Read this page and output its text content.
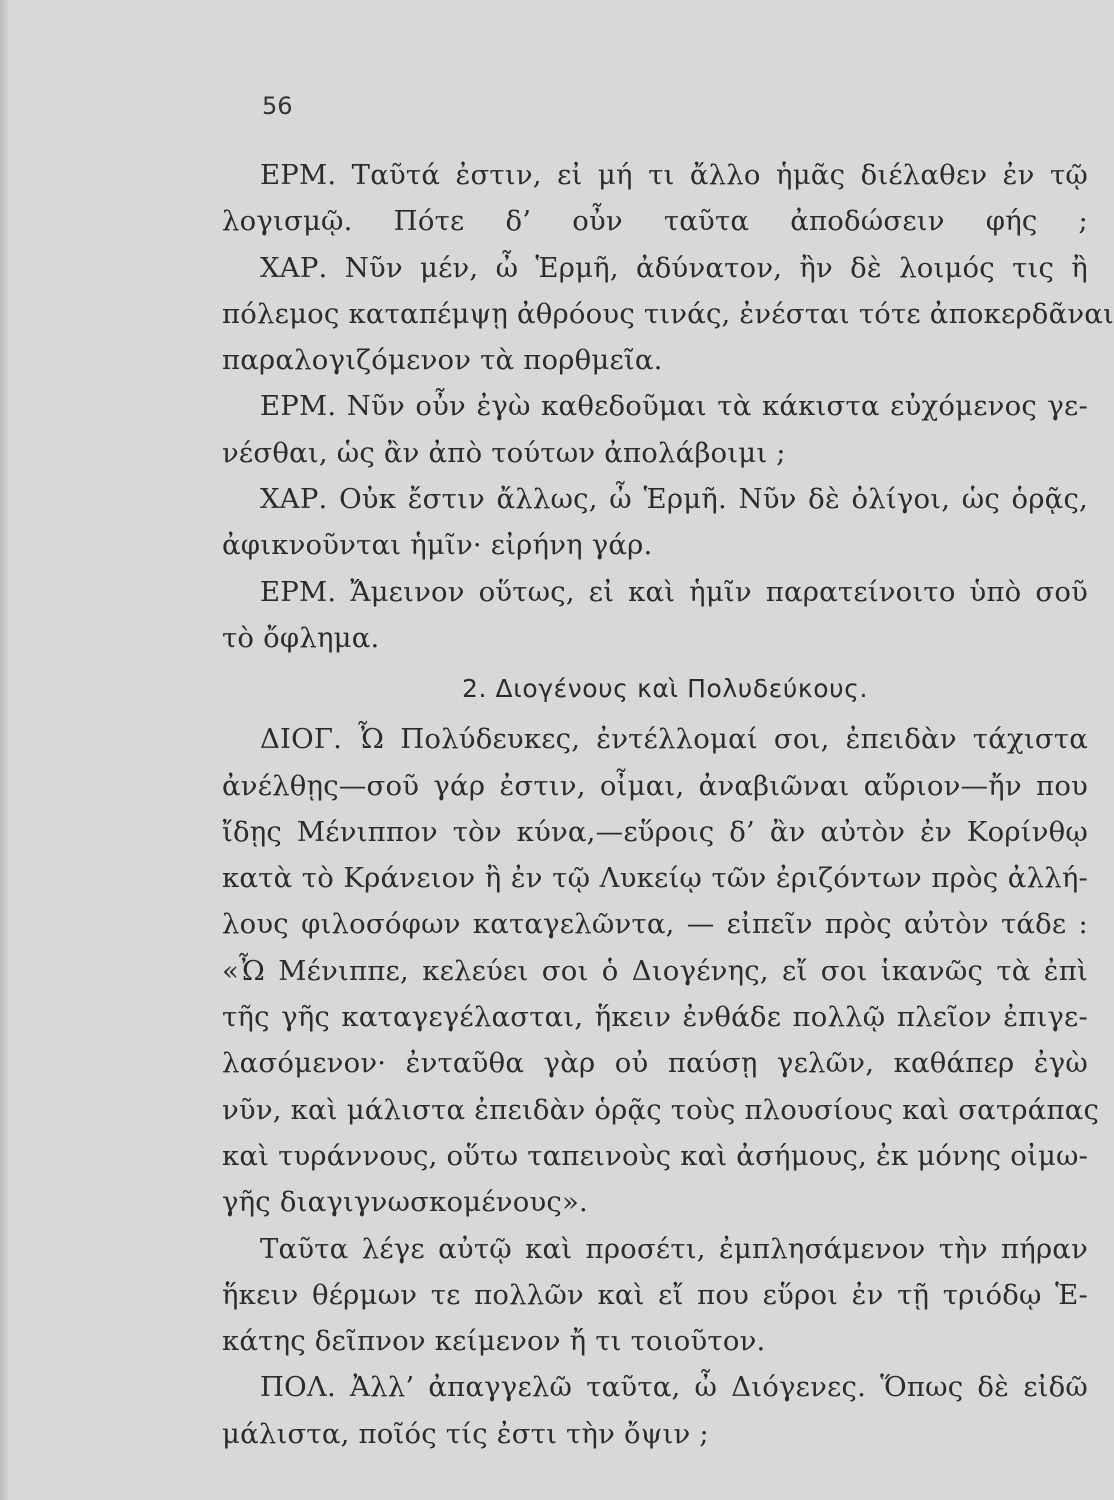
56
ΕΡΜ. Ταῦτά ἐστιν, εἰ μή τι ἄλλο ἡμᾶς διέλαθεν ἐν τῷ
λογισμῷ. Πότε δ’ οὖν ταῦτα ἀποδώσειν φής ;
ΧΑΡ. Νῦν μέν, ὦ Ἑρμῆ, ἀδύνατον, ἢν δὲ λοιμός τις ἢ
πόλεμος καταπέμψῃ ἀθρόους τινάς, ἐνέσται τότε ἀποκερδᾶναι
παραλογιζόμενον τὰ πορθμεῖα.
ΕΡΜ. Νῦν οὖν ἐγὼ καθεδοῦμαι τὰ κάκιστα εὐχόμενος γε-
νέσθαι, ὡς ἂν ἀπὸ τούτων ἀπολάβοιμι ;
ΧΑΡ. Οὐκ ἔστιν ἄλλως, ὦ Ἑρμῆ. Νῦν δὲ ὀλίγοι, ὡς ὁρᾷς,
ἀφικνοῦνται ἡμῖν· εἰρήνη γάρ.
ΕΡΜ. Ἄμεινον οὕτως, εἰ καὶ ἡμῖν παρατείνοιτο ὑπὸ σοῦ
τὸ ὄφλημα.
2. Διογένους καὶ Πολυδεύκους.
ΔΙΟΓ. Ὦ Πολύδευκες, ἐντέλλομαί σοι, ἐπειδὰν τάχιστα
ἀνέλθῃς—σοῦ γάρ ἐστιν, οἶμαι, ἀναβιῶναι αὔριον—ἤν που
ἴδῃς Μένιππον τὸν κύνα,—εὕροις δ’ ἂν αὐτὸν ἐν Κορίνθῳ
κατὰ τὸ Κράνειον ἢ ἐν τῷ Λυκείῳ τῶν ἐριζόντων πρὸς ἀλλή-
λους φιλοσόφων καταγελῶντα, — εἰπεῖν πρὸς αὐτὸν τάδε :
«Ὦ Μένιππε, κελεύει σοι ὁ Διογένης, εἴ σοι ἱκανῶς τὰ ἐπὶ
τῆς γῆς καταγεγέλασται, ἥκειν ἐνθάδε πολλῷ πλεῖον ἐπιγε-
λασόμενον· ἐνταῦθα γὰρ οὐ παύσῃ γελῶν, καθάπερ ἐγὼ
νῦν, καὶ μάλιστα ἐπειδὰν ὁρᾷς τοὺς πλουσίους καὶ σατράπας
καὶ τυράννους, οὕτω ταπεινοὺς καὶ ἀσήμους, ἐκ μόνης οἰμω-
γῆς διαγιγνωσκομένους».
Ταῦτα λέγε αὐτῷ καὶ προσέτι, ἐμπλησάμενον τὴν πήραν
ἥκειν θέρμων τε πολλῶν καὶ εἴ που εὕροι ἐν τῇ τριόδῳ Ἑ-
κάτης δεῖπνον κείμενον ἤ τι τοιοῦτον.
ΠΟΛ. Ἀλλ’ ἀπαγγελῶ ταῦτα, ὦ Διόγενες. Ὅπως δὲ εἰδῶ
μάλιστα, ποῖός τίς ἐστι τὴν ὄψιν ;
